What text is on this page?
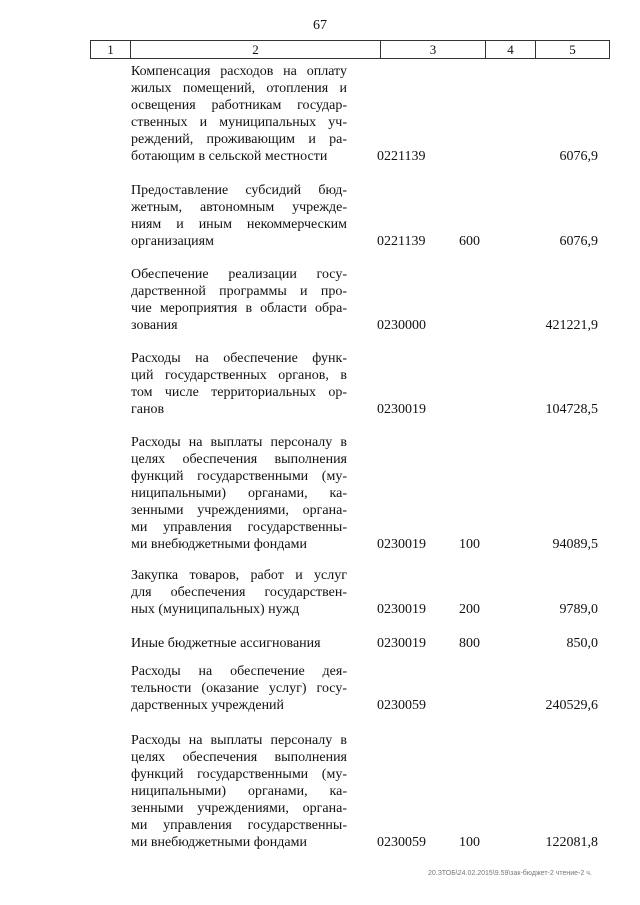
67
1	2	3	4	5
Компенсация расходов на оплату
жилых помещений, отопления и
освещения работникам государ-
ственных и муниципальных уч-
реждений, проживающим и ра-
ботающим в сельской местности	0221139	6076,9
Предоставление субсидий бюд-
жетным, автономным учрежде-
ниям и иным некоммерческим
организациям	0221139 600	6076,9
Обеспечение реализации госу-
дарственной программы и про-
чие мероприятия в области обра-
зования	0230000	421221,9
Расходы на обеспечение функ-
ций государственных органов, в
том числе территориальных ор-
ганов	0230019	104728,5
Расходы на выплаты персоналу в
целях обеспечения выполнения
функций государственными (му-
ниципальными) органами, ка-
зенными учреждениями, органа-
ми управления государственны-
ми внебюджетными фондами	0230019 100	94089,5
Закупка товаров, работ и услуг
для обеспечения государствен-
ных (муниципальных) нужд	0230019 200	9789,0
Иные бюджетные ассигнования	0230019 800	850,0
Расходы на обеспечение дея-
тельности (оказание услуг) госу-
дарственных учреждений	0230059	240529,6
Расходы на выплаты персоналу в
целях обеспечения выполнения
функций государственными (му-
ниципальными) органами, ка-
зенными учреждениями, органа-
ми управления государственны-
ми внебюджетными фондами	0230059 100	122081,8
20.ЗТОБ\24.02.2015\9.59\зак-бюджет-2 чтение-2 ч.
